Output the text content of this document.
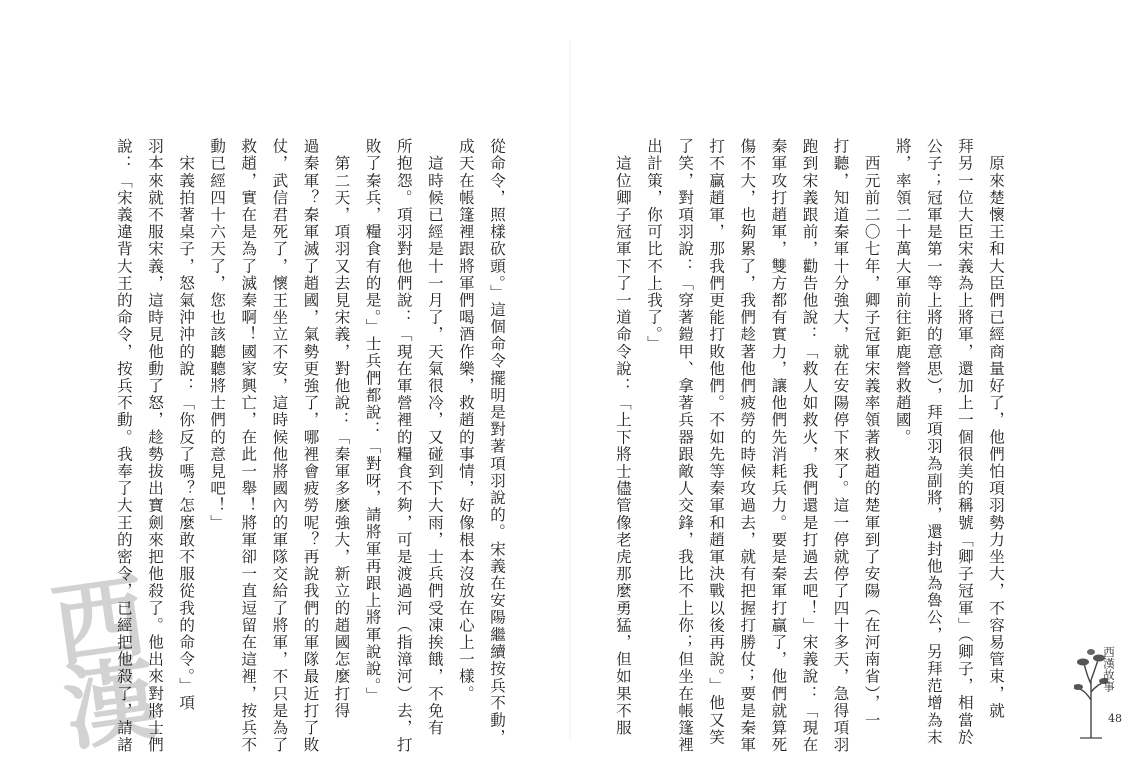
西漢	從命令，照樣砍頭。」這個命令擺明是對著項羽說的。宋義在安陽繼續按兵不動，
成天在帳篷裡跟將軍們喝酒作樂，救趙的事情，好像根本沒放在心上一樣。
　這時候已經是十一月了，天氣很冷，又碰到下大雨，士兵們受凍挨餓，不免有
所抱怨。項羽對他們說：「現在軍營裡的糧食不夠，可是渡過河（指漳河）去，打
敗了秦兵，糧食有的是。」士兵們都說：「對呀，請將軍再跟上將軍說說。」
　第二天，項羽又去見宋義，對他說：「秦軍多麼強大，新立的趙國怎麼打得
過秦軍？秦軍滅了趙國，氣勢更強了，哪裡會疲勞呢？再說我們的軍隊最近打了敗
仗，武信君死了，懷王坐立不安，這時候他將國內的軍隊交給了將軍，不只是為了
救趙，實在是為了滅秦啊！國家興亡，在此一舉！將軍卻一直逗留在這裡，按兵不
動已經四十六天了，您也該聽聽將士們的意見吧！」
　宋義拍著桌子，怒氣沖沖的說：「你反了嗎？怎麼敢不服從我的命令。」項
羽本來就不服宋義，這時見他動了怒，趁勢拔出寶劍來把他殺了。他出來對將士們
說：「宋義違背大王的命令，按兵不動。我奉了大王的密令，已經把他殺了，請諸	　原來楚懷王和大臣們已經商量好了，他們怕項羽勢力坐大，不容易管束，就
拜另一位大臣宋義為上將軍，還加上一個很美的稱號「卿子冠軍」（卿子，相當於
公子；冠軍是第一等上將的意思），拜項羽為副將，還封他為魯公，另拜范增為末
將，率領二十萬大軍前往鉅鹿營救趙國。
　西元前二〇七年，卿子冠軍宋義率領著救趙的楚軍到了安陽（在河南省），一
打聽，知道秦軍十分強大，就在安陽停下來了。這一停就停了四十多天，急得項羽
跑到宋義跟前，勸告他說：「救人如救火，我們還是打過去吧！」宋義說：「現在
秦軍攻打趙軍，雙方都有實力，讓他們先消耗兵力。要是秦軍打贏了，他們就算死
傷不大，也夠累了，我們趁著他們疲勞的時候攻過去，就有把握打勝仗；要是秦軍
打不贏趙軍，那我們更能打敗他們。不如先等秦軍和趙軍決戰以後再說。」他又笑
了笑，對項羽說：「穿著鎧甲、拿著兵器跟敵人交鋒，我比不上你；但坐在帳篷裡
出計策，你可比不上我了。」
　這位卿子冠軍下了一道命令說：「上下將士儘管像老虎那麼勇猛，但如果不服	西漢故事
48
